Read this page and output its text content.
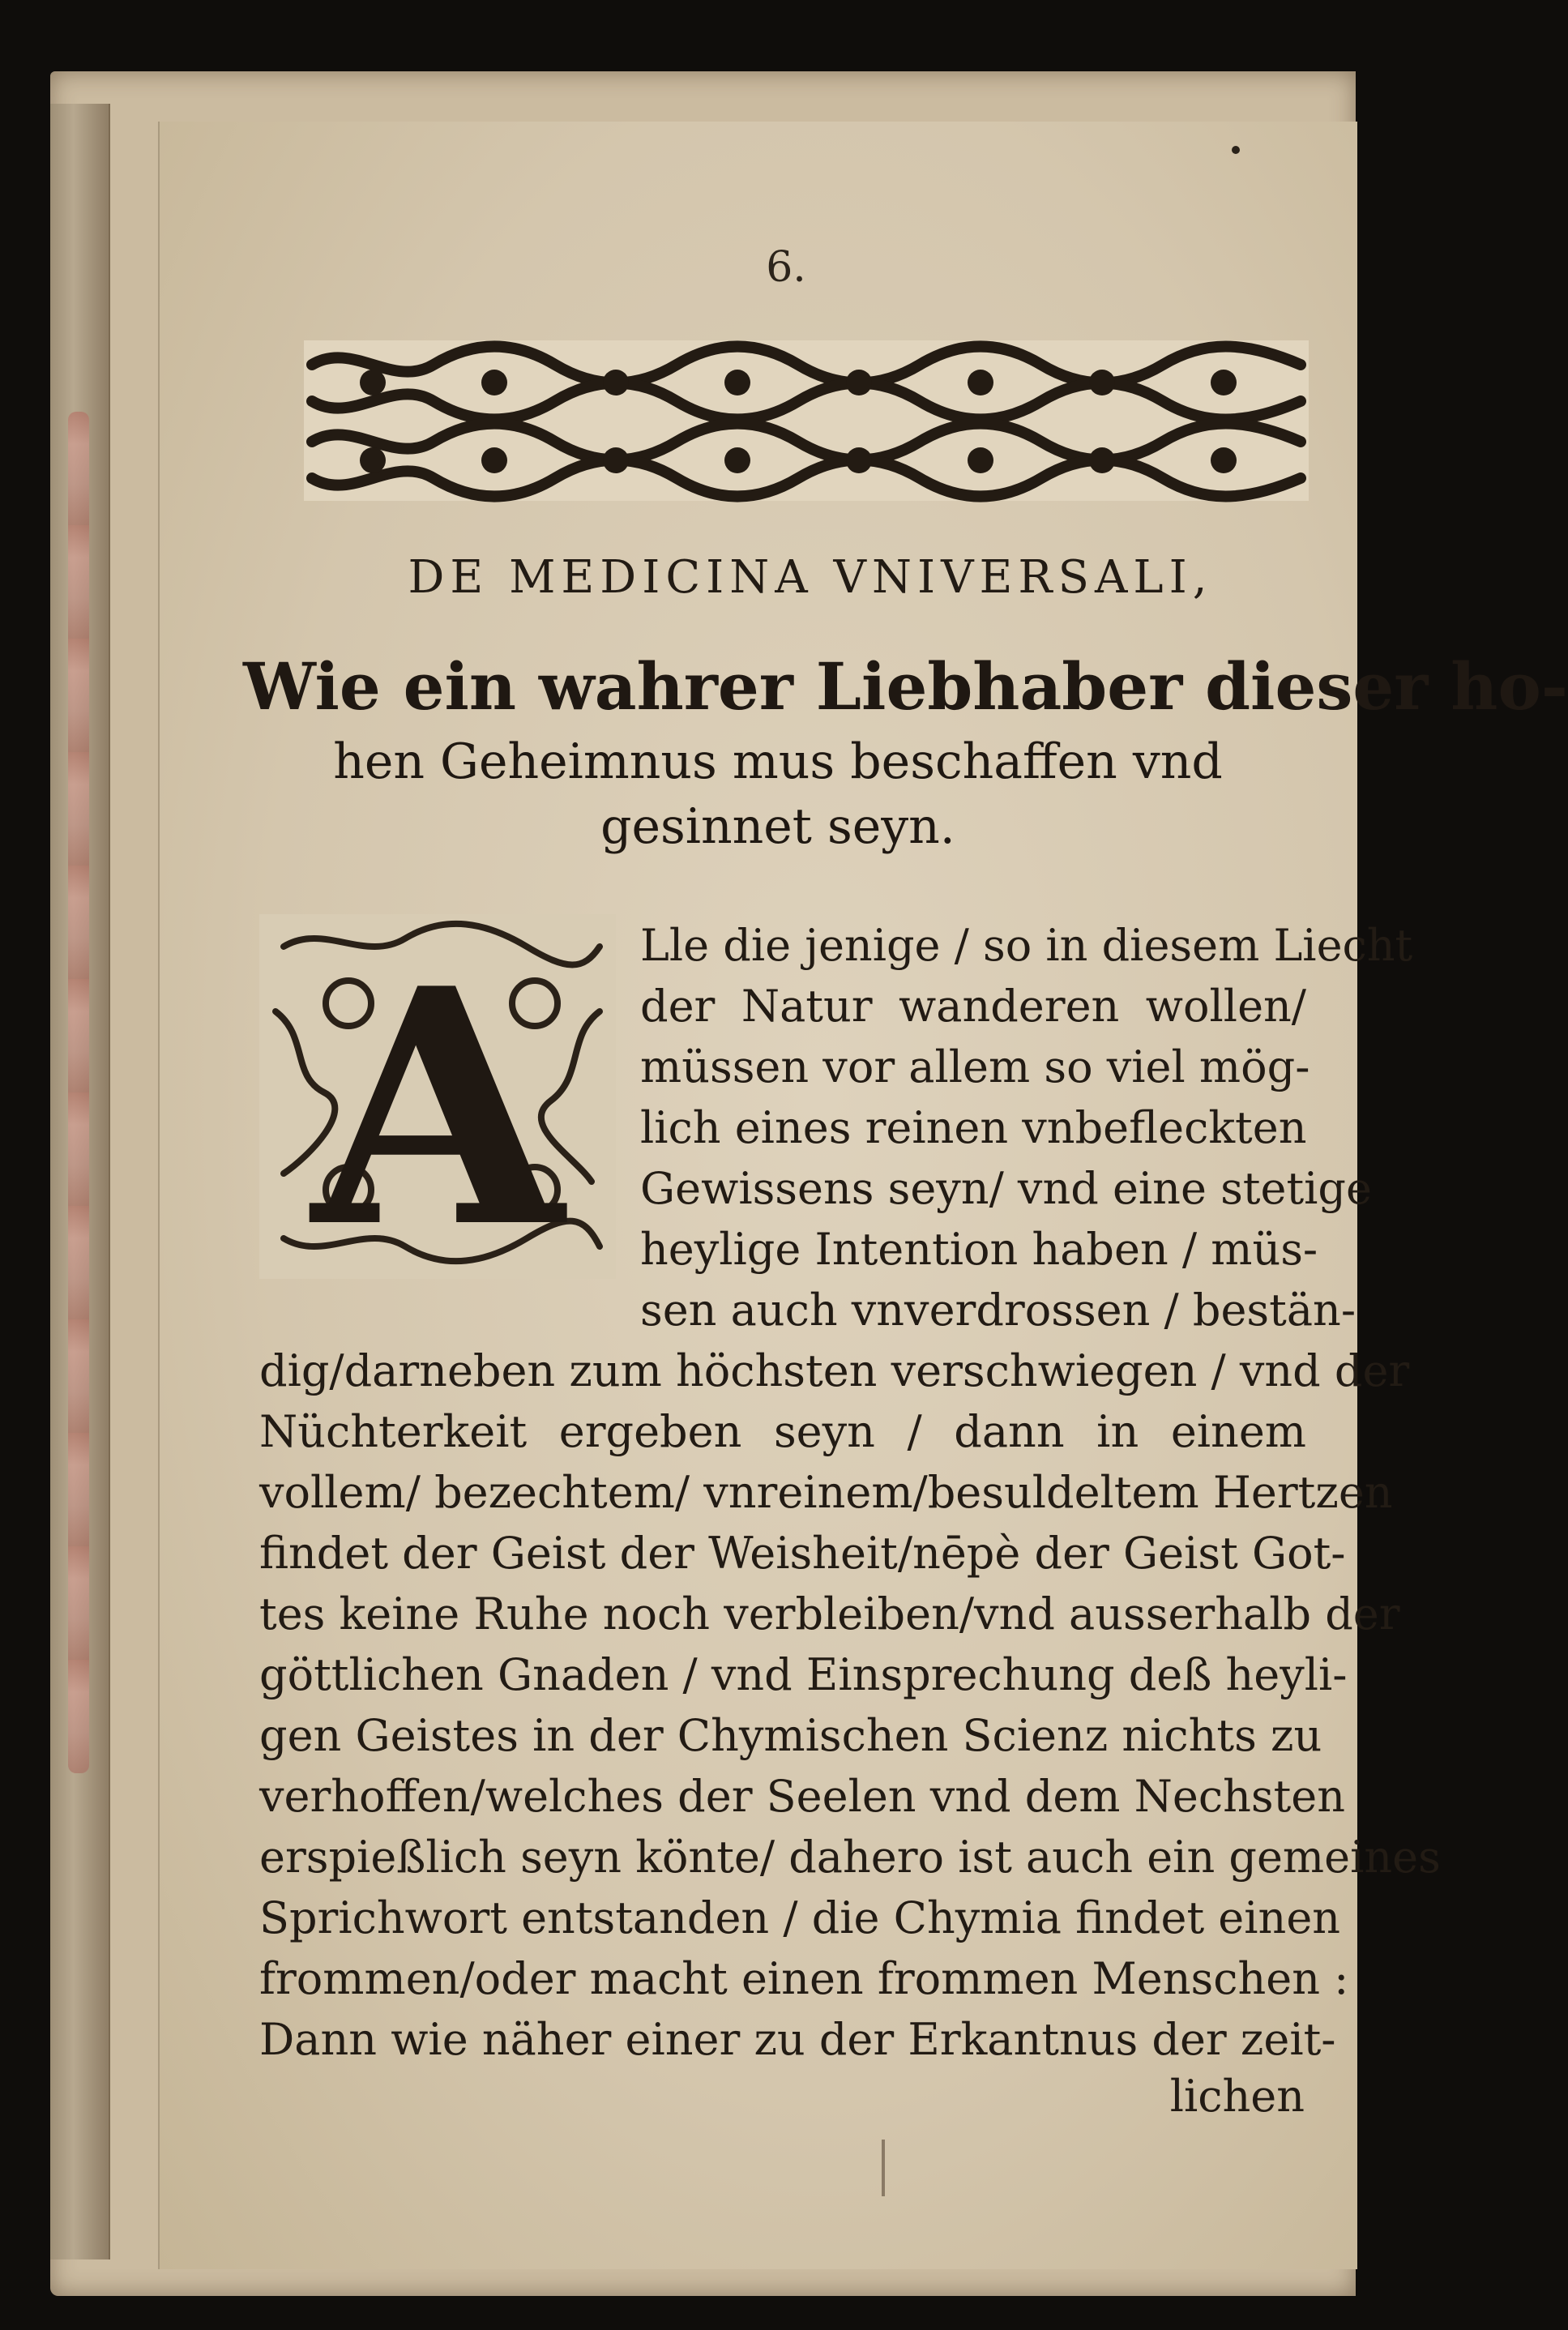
6.
DE MEDICINA VNIVERSALI,
Wie ein wahrer Liebhaber dieser ho-
hen Geheimnus mus beschaffen vnd
gesinnet seyn.
A Lle die jenige / so in diesem Liecht
der Natur wanderen wollen/
müssen vor allem so viel mög-
lich eines reinen vnbefleckten
Gewissens seyn/ vnd eine stetige
heylige Intention haben / müs-
sen auch vnverdrossen / bestän-
dig/darneben zum höchsten verschwiegen / vnd der
Nüchterkeit ergeben seyn / dann in einem
vollem/ bezechtem/ vnreinem/besuldeltem Hertzen
findet der Geist der Weisheit/nēpè der Geist Got-
tes keine Ruhe noch verbleiben/vnd ausserhalb der
göttlichen Gnaden / vnd Einsprechung deß heyli-
gen Geistes in der Chymischen Scienz nichts zu
verhoffen/welches der Seelen vnd dem Nechsten
erspießlich seyn könte/ dahero ist auch ein gemeines
Sprichwort entstanden / die Chymia findet einen
frommen/oder macht einen frommen Menschen :
Dann wie näher einer zu der Erkantnus der zeit-
lichen
